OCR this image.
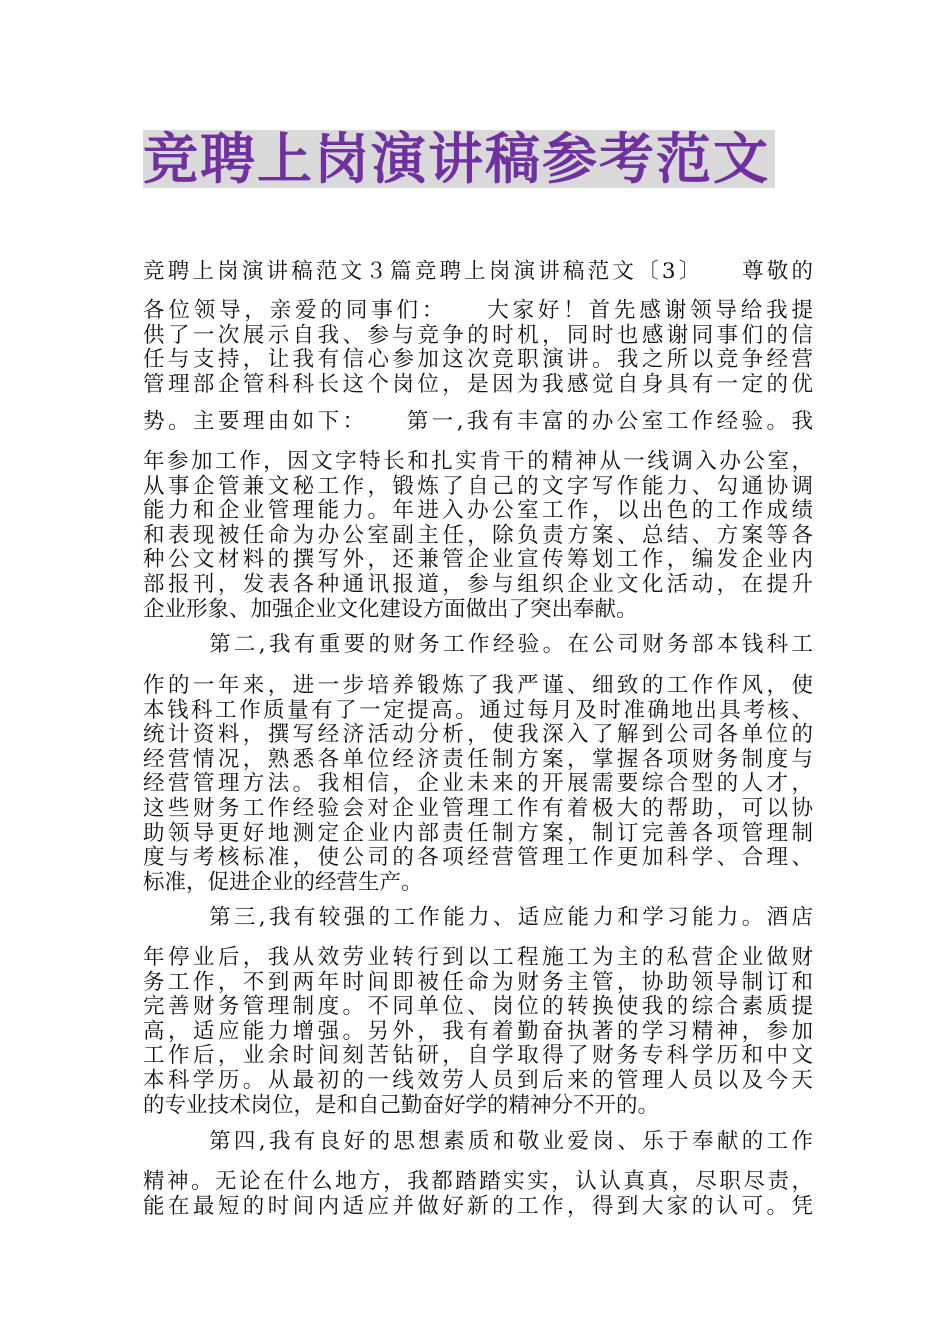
竞聘上岗演讲稿参考范文
竞聘上岗演讲稿范文３篇竞聘上岗演讲稿范文〔3〕　　尊敬的
各位领导，亲爱的同事们：　　大家好！首先感谢领导给我提
供了一次展示自我、参与竞争的时机，同时也感谢同事们的信
任与支持，让我有信心参加这次竞职演讲。我之所以竞争经营
管理部企管科科长这个岗位，是因为我感觉自身具有一定的优
势。主要理由如下：　　第一,我有丰富的办公室工作经验。我
年参加工作，因文字特长和扎实肯干的精神从一线调入办公室，
从事企管兼文秘工作，锻炼了自己的文字写作能力、勾通协调
能力和企业管理能力。年进入办公室工作，以出色的工作成绩
和表现被任命为办公室副主任，除负责方案、总结、方案等各
种公文材料的撰写外，还兼管企业宣传筹划工作，编发企业内
部报刊，发表各种通讯报道，参与组织企业文化活动，在提升
企业形象、加强企业文化建设方面做出了突出奉献。
第二,我有重要的财务工作经验。在公司财务部本钱科工
作的一年来，进一步培养锻炼了我严谨、细致的工作作风，使
本钱科工作质量有了一定提高。通过每月及时准确地出具考核、
统计资料，撰写经济活动分析，使我深入了解到公司各单位的
经营情况，熟悉各单位经济责任制方案，掌握各项财务制度与
经营管理方法。我相信，企业未来的开展需要综合型的人才，
这些财务工作经验会对企业管理工作有着极大的帮助，可以协
助领导更好地测定企业内部责任制方案，制订完善各项管理制
度与考核标准，使公司的各项经营管理工作更加科学、合理、
标准，促进企业的经营生产。
第三,我有较强的工作能力、适应能力和学习能力。酒店
年停业后，我从效劳业转行到以工程施工为主的私营企业做财
务工作，不到两年时间即被任命为财务主管，协助领导制订和
完善财务管理制度。不同单位、岗位的转换使我的综合素质提
高，适应能力增强。另外，我有着勤奋执著的学习精神，参加
工作后，业余时间刻苦钻研，自学取得了财务专科学历和中文
本科学历。从最初的一线效劳人员到后来的管理人员以及今天
的专业技术岗位，是和自己勤奋好学的精神分不开的。
第四,我有良好的思想素质和敬业爱岗、乐于奉献的工作
精神。无论在什么地方，我都踏踏实实，认认真真，尽职尽责，
能在最短的时间内适应并做好新的工作，得到大家的认可。凭
